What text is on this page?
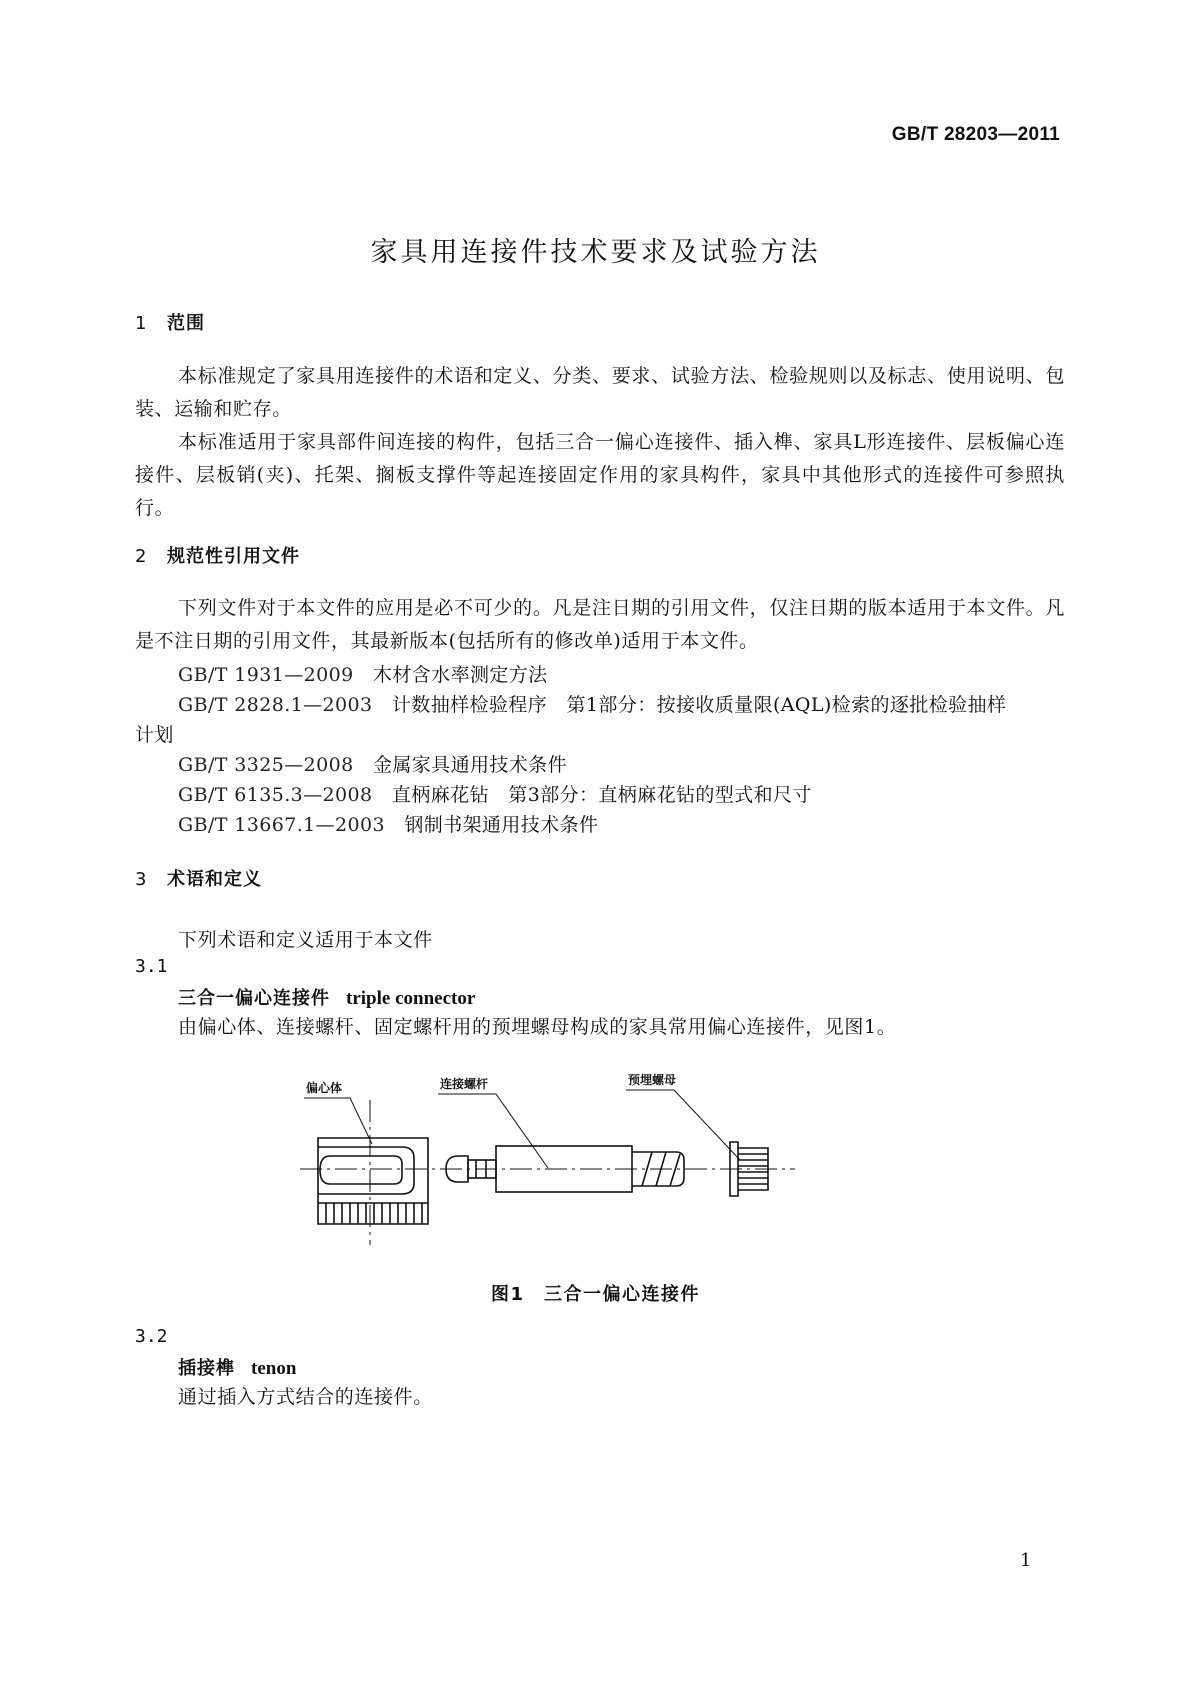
GB/T 28203—2011
家具用连接件技术要求及试验方法
1 范围
本标准规定了家具用连接件的术语和定义、分类、要求、试验方法、检验规则以及标志、使用说明、包装、运输和贮存。
本标准适用于家具部件间连接的构件，包括三合一偏心连接件、插入榫、家具L形连接件、层板偏心连接件、层板销(夹)、托架、搁板支撑件等起连接固定作用的家具构件，家具中其他形式的连接件可参照执行。
2 规范性引用文件
下列文件对于本文件的应用是必不可少的。凡是注日期的引用文件，仅注日期的版本适用于本文件。凡是不注日期的引用文件，其最新版本(包括所有的修改单)适用于本文件。
GB/T 1931—2009　 木材含水率测定方法
GB/T 2828.1—2003　 计数抽样检验程序　第1部分：按接收质量限(AQL)检索的逐批检验抽样
计划
GB/T 3325—2008　 金属家具通用技术条件
GB/T 6135.3—2008　 直柄麻花钻　第3部分：直柄麻花钻的型式和尺寸
GB/T 13667.1—2003　 钢制书架通用技术条件
3 术语和定义
下列术语和定义适用于本文件
3.1
三合一偏心连接件 triple connector
由偏心体、连接螺杆、固定螺杆用的预埋螺母构成的家具常用偏心连接件，见图1。
偏心体	连接螺杆	预埋螺母
图1　三合一偏心连接件
3.2
插接榫 tenon
通过插入方式结合的连接件。
1
